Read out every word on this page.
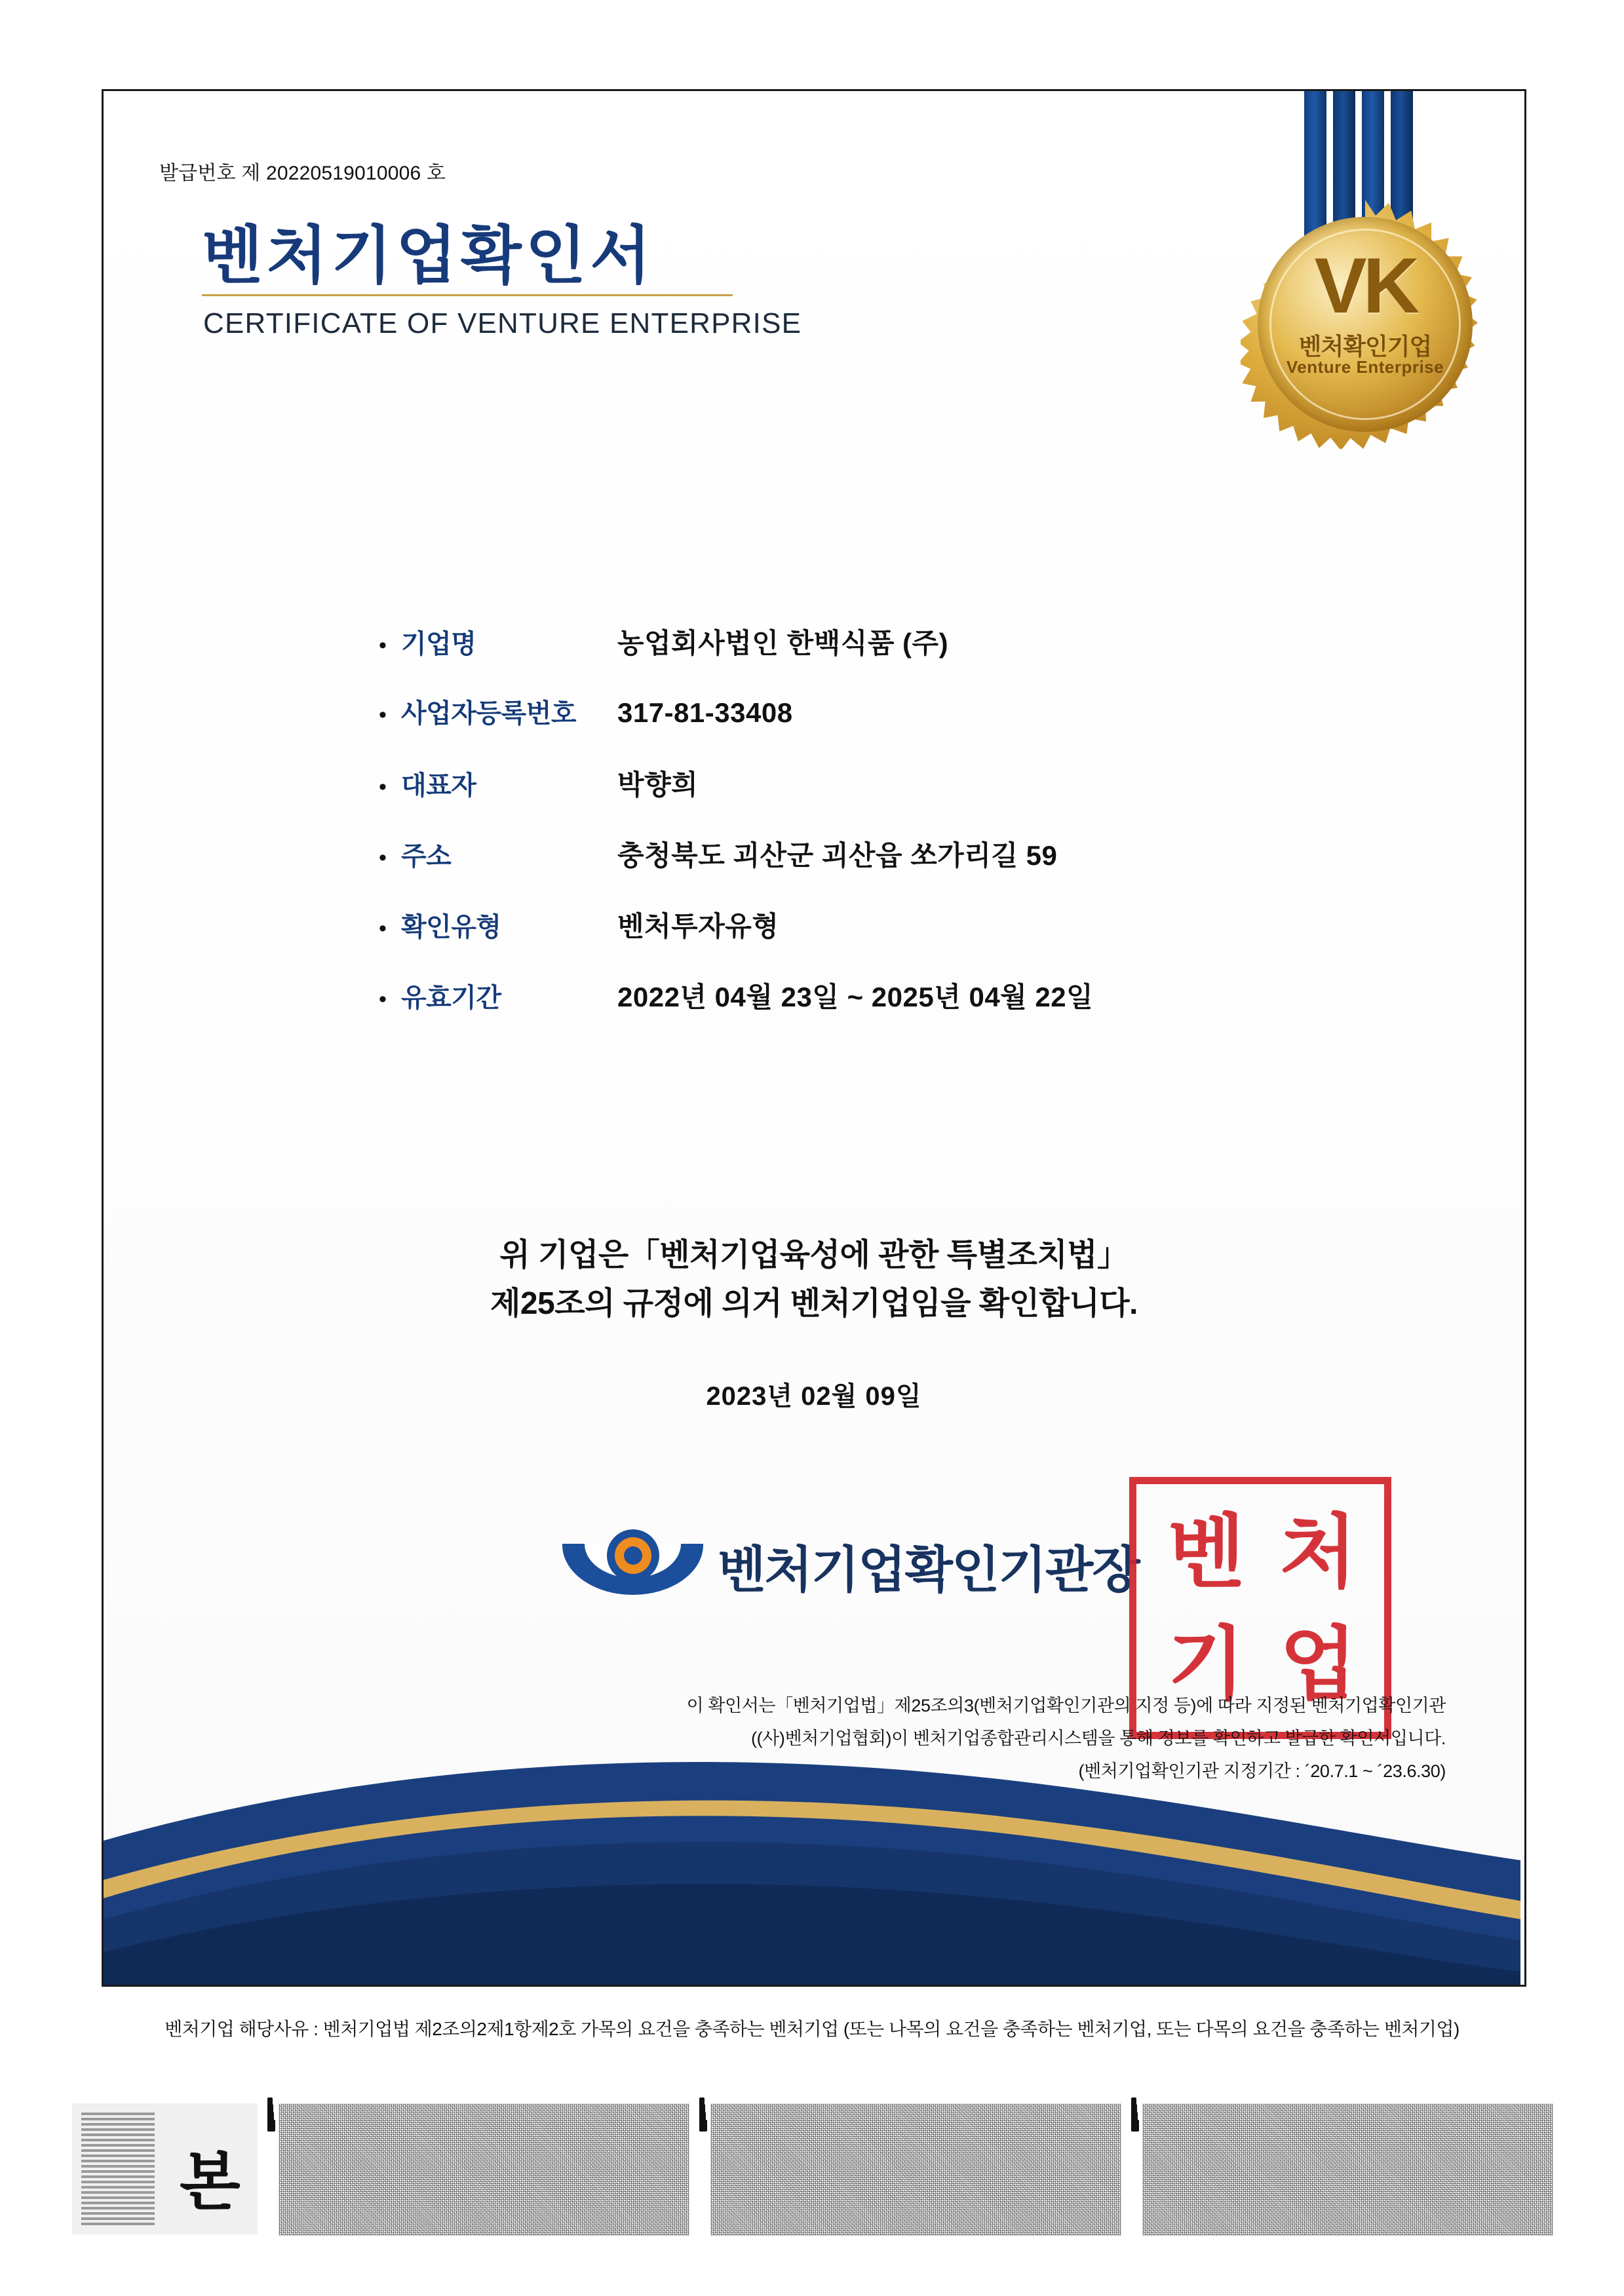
발급번호 제 20220519010006 호
벤처기업확인서
CERTIFICATE OF VENTURE ENTERPRISE	VK
벤처확인기업
Venture Enterprise
• 기업명	농업회사법인 한백식품 (주)
• 사업자등록번호	317-81-33408
• 대표자	박향희
• 주소	충청북도 괴산군 괴산읍 쏘가리길 59
• 확인유형	벤처투자유형
• 유효기간	2022년 04월 23일 ~ 2025년 04월 22일
위 기업은「벤처기업육성에 관한 특별조치법」
제25조의 규정에 의거 벤처기업임을 확인합니다.
2023년 02월 09일
벤처기업확인기관장 벤 처
기 업
이 확인서는「벤처기업법」제25조의3(벤처기업확인기관의 지정 등)에 따라 지정된 벤처기업확인기관
((사)벤처기업협회)이 벤처기업종합관리시스템을 통해 정보를 확인하고 발급한 확인서입니다.
(벤처기업확인기관 지정기간 : ´20.7.1 ~ ´23.6.30)
벤처기업 해당사유 : 벤처기업법 제2조의2제1항제2호 가목의 요건을 충족하는 벤처기업 (또는 나목의 요건을 충족하는 벤처기업, 또는 다목의 요건을 충족하는 벤처기업)
본
